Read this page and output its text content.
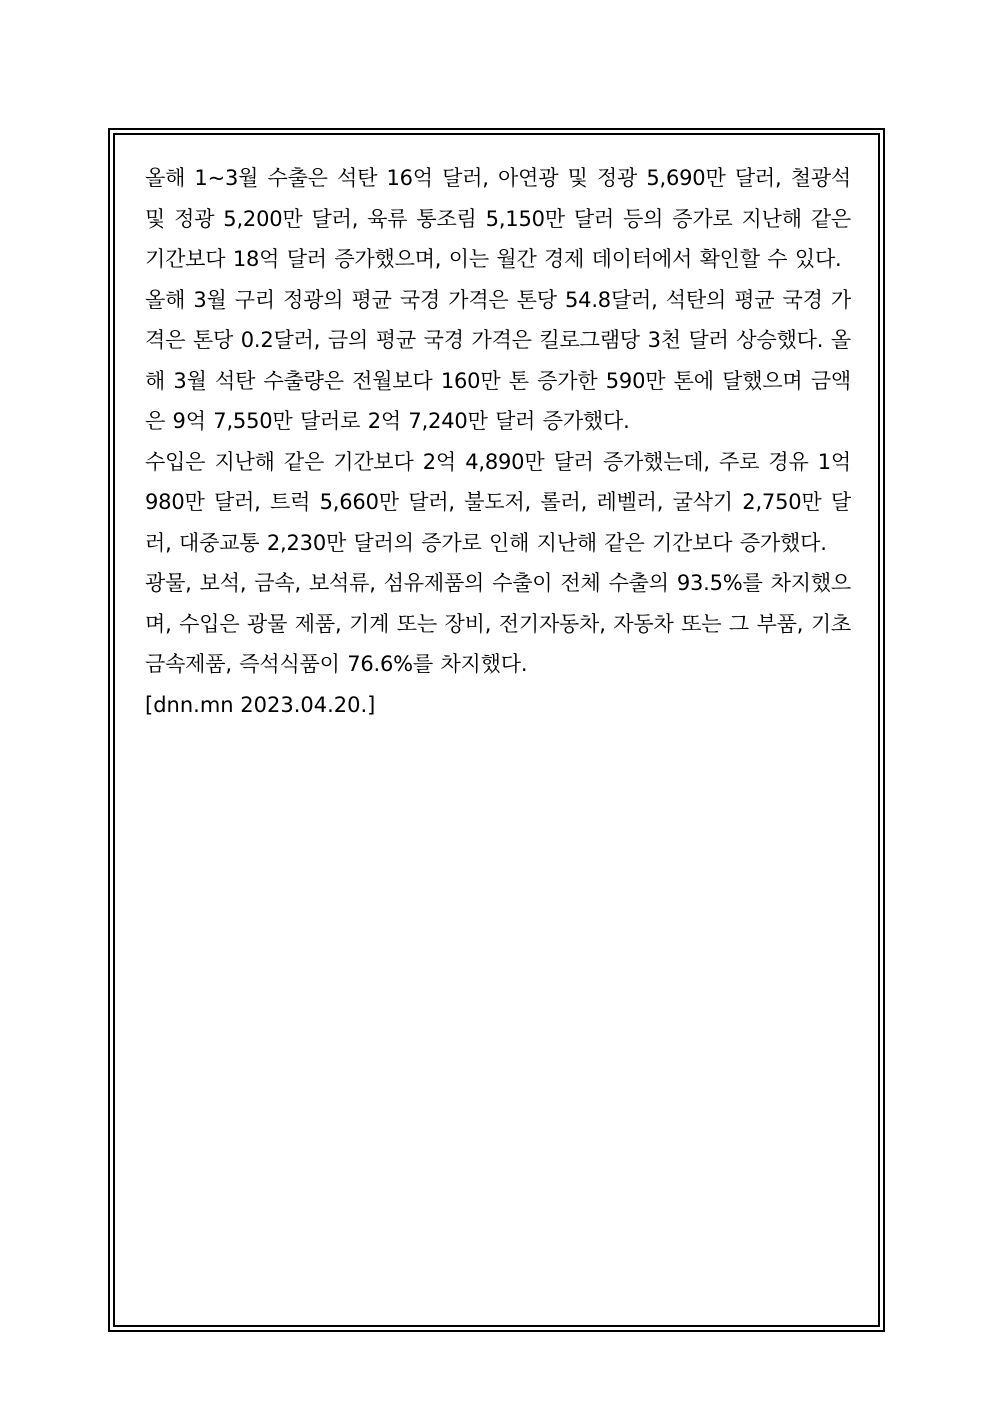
올해 1~3월 수출은 석탄 16억 달러, 아연광 및 정광 5,690만 달러, 철광석 및 정광 5,200만 달러, 육류 통조림 5,150만 달러 등의 증가로 지난해 같은 기간보다 18억 달러 증가했으며, 이는 월간 경제 데이터에서 확인할 수 있다.

올해 3월 구리 정광의 평균 국경 가격은 톤당 54.8달러, 석탄의 평균 국경 가격은 톤당 0.2달러, 금의 평균 국경 가격은 킬로그램당 3천 달러 상승했다. 올해 3월 석탄 수출량은 전월보다 160만 톤 증가한 590만 톤에 달했으며 금액은 9억 7,550만 달러로 2억 7,240만 달러 증가했다.

수입은 지난해 같은 기간보다 2억 4,890만 달러 증가했는데, 주로 경유 1억 980만 달러, 트럭 5,660만 달러, 불도저, 롤러, 레벨러, 굴삭기 2,750만 달러, 대중교통 2,230만 달러의 증가로 인해 지난해 같은 기간보다 증가했다.

광물, 보석, 금속, 보석류, 섬유제품의 수출이 전체 수출의 93.5%를 차지했으며, 수입은 광물 제품, 기계 또는 장비, 전기자동차, 자동차 또는 그 부품, 기초 금속제품, 즉석식품이 76.6%를 차지했다.

[dnn.mn 2023.04.20.]
